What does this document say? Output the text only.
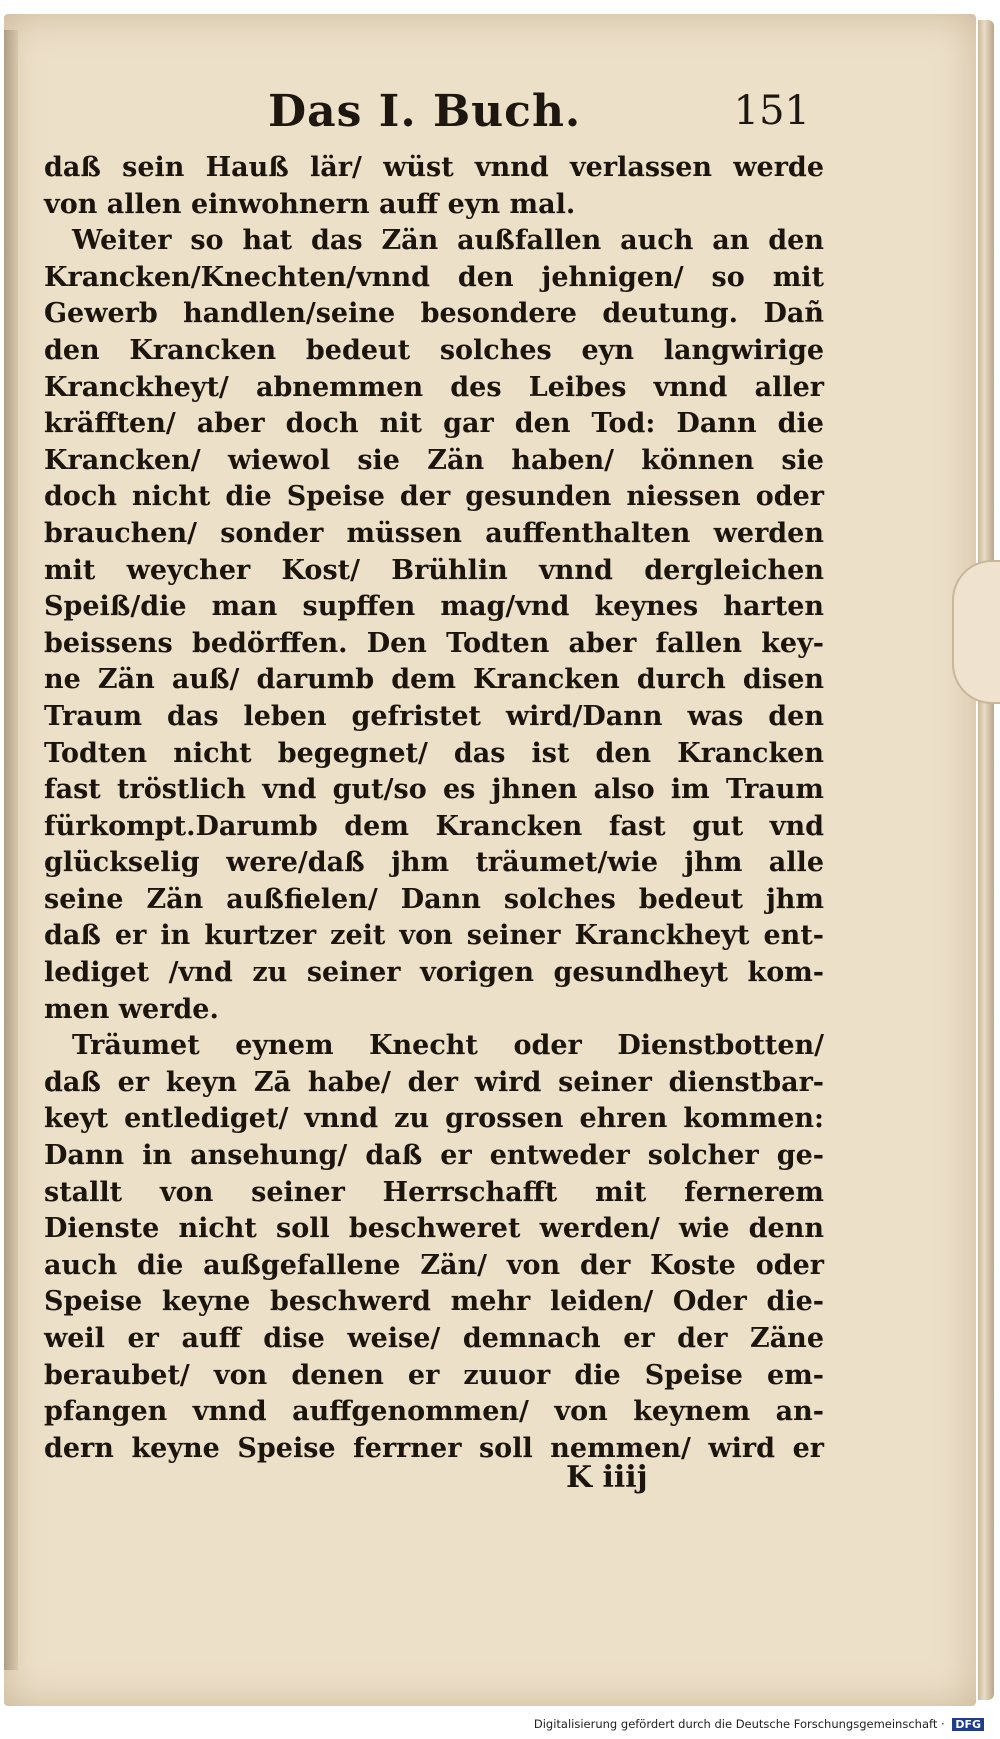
Das I. Buch.	151
daß sein Hauß lär/ wüst vnnd verlassen werde
von allen einwohnern auff eyn mal.
Weiter so hat das Zän außfallen auch an den
Krancken/Knechten/vnnd den jehnigen/ so mit
Gewerb handlen/seine besondere deutung. Dañ
den Krancken bedeut solches eyn langwirige
Kranckheyt/ abnemmen des Leibes vnnd aller
kräfften/ aber doch nit gar den Tod: Dann die
Krancken/ wiewol sie Zän haben/ können sie
doch nicht die Speise der gesunden niessen oder
brauchen/ sonder müssen auffenthalten werden
mit weycher Kost/ Brühlin vnnd dergleichen
Speiß/die man supffen mag/vnd keynes harten
beissens bedörffen. Den Todten aber fallen key-
ne Zän auß/ darumb dem Krancken durch disen
Traum das leben gefristet wird/Dann was den
Todten nicht begegnet/ das ist den Krancken
fast tröstlich vnd gut/so es jhnen also im Traum
fürkompt.Darumb dem Krancken fast gut vnd
glückselig were/daß jhm träumet/wie jhm alle
seine Zän außfielen/ Dann solches bedeut jhm
daß er in kurtzer zeit von seiner Kranckheyt ent-
lediget /vnd zu seiner vorigen gesundheyt kom-
men werde.
Träumet eynem Knecht oder Dienstbotten/
daß er keyn Zā habe/ der wird seiner dienstbar-
keyt entlediget/ vnnd zu grossen ehren kommen:
Dann in ansehung/ daß er entweder solcher ge-
stallt von seiner Herrschafft mit fernerem
Dienste nicht soll beschweret werden/ wie denn
auch die außgefallene Zän/ von der Koste oder
Speise keyne beschwerd mehr leiden/ Oder die-
weil er auff dise weise/ demnach er der Zäne
beraubet/ von denen er zuuor die Speise em-
pfangen vnnd auffgenommen/ von keynem an-
dern keyne Speise ferrner soll nemmen/ wird er
K iiij
Digitalisierung gefördert durch die Deutsche Forschungsgemeinschaft · DFG
